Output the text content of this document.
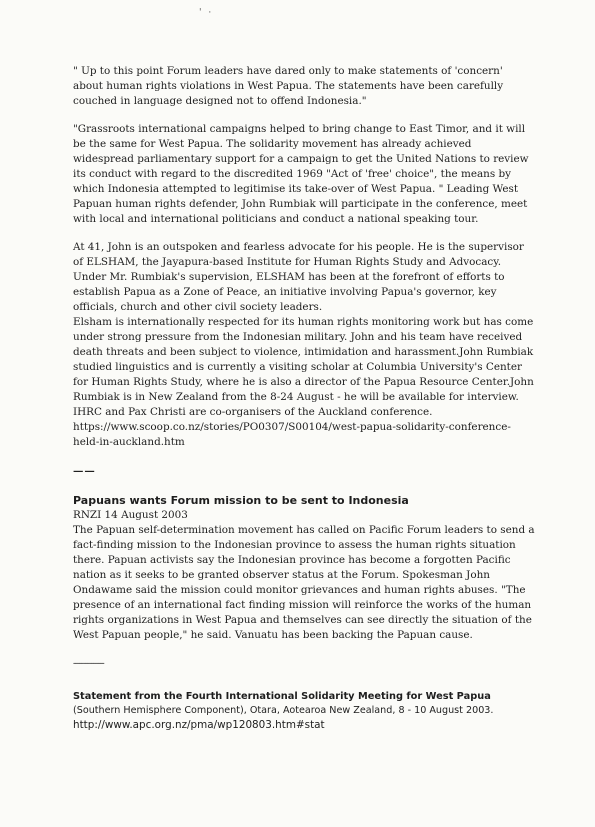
' ·

" Up to this point Forum leaders have dared only to make statements of 'concern' about human rights violations in West Papua. The statements have been carefully couched in language designed not to offend Indonesia."

"Grassroots international campaigns helped to bring change to East Timor, and it will be the same for West Papua. The solidarity movement has already achieved widespread parliamentary support for a campaign to get the United Nations to review its conduct with regard to the discredited 1969 "Act of 'free' choice", the means by which Indonesia attempted to legitimise its take-over of West Papua. " Leading West Papuan human rights defender, John Rumbiak will participate in the conference, meet with local and international politicians and conduct a national speaking tour.

At 41, John is an outspoken and fearless advocate for his people. He is the supervisor of ELSHAM, the Jayapura-based Institute for Human Rights Study and Advocacy. Under Mr. Rumbiak's supervision, ELSHAM has been at the forefront of efforts to establish Papua as a Zone of Peace, an initiative involving Papua's governor, key officials, church and other civil society leaders.

Elsham is internationally respected for its human rights monitoring work but has come under strong pressure from the Indonesian military. John and his team have received death threats and been subject to violence, intimidation and harassment.John Rumbiak studied linguistics and is currently a visiting scholar at Columbia University's Center for Human Rights Study, where he is also a director of the Papua Resource Center.John Rumbiak is in New Zealand from the 8-24 August - he will be available for interview. IHRC and Pax Christi are co-organisers of the Auckland conference.

https://www.scoop.co.nz/stories/PO0307/S00104/west-papua-solidarity-conference-held-in-auckland.htm

——

Papuans wants Forum mission to be sent to Indonesia

RNZI 14 August 2003

The Papuan self-determination movement has called on Pacific Forum leaders to send a fact-finding mission to the Indonesian province to assess the human rights situation there. Papuan activists say the Indonesian province has become a forgotten Pacific nation as it seeks to be granted observer status at the Forum. Spokesman John Ondawame said the mission could monitor grievances and human rights abuses. "The presence of an international fact finding mission will reinforce the works of the human rights organizations in West Papua and themselves can see directly the situation of the West Papuan people," he said. Vanuatu has been backing the Papuan cause.

---------------

Statement from the Fourth International Solidarity Meeting for West Papua

(Southern Hemisphere Component), Otara, Aotearoa New Zealand, 8 - 10 August 2003.

http://www.apc.org.nz/pma/wp120803.htm#stat
